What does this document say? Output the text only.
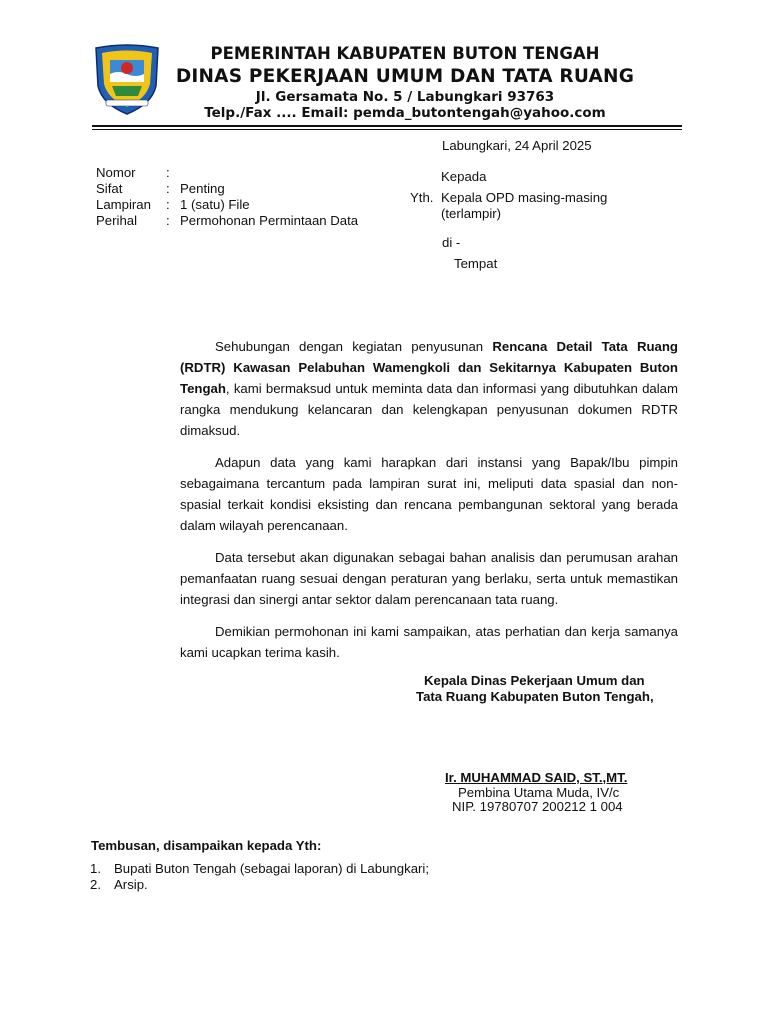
PEMERINTAH KABUPATEN BUTON TENGAH
DINAS PEKERJAAN UMUM DAN TATA RUANG
Jl. Gersamata No. 5 / Labungkari 93763
Telp./Fax .... Email: pemda_butontengah@yahoo.com
Labungkari, 24 April 2025
Nomor :
Sifat	: Penting
Lampiran : 1 (satu) File
Perihal : Permohonan Permintaan Data
Kepada
Yth. Kepala OPD masing-masing
(terlampir)
di -
Tempat

Sehubungan dengan kegiatan penyusunan Rencana Detail Tata Ruang (RDTR) Kawasan Pelabuhan Wamengkoli dan Sekitarnya Kabupaten Buton Tengah, kami bermaksud untuk meminta data dan informasi yang dibutuhkan dalam rangka mendukung kelancaran dan kelengkapan penyusunan dokumen RDTR dimaksud.

Adapun data yang kami harapkan dari instansi yang Bapak/Ibu pimpin sebagaimana tercantum pada lampiran surat ini, meliputi data spasial dan non-spasial terkait kondisi eksisting dan rencana pembangunan sektoral yang berada dalam wilayah perencanaan.

Data tersebut akan digunakan sebagai bahan analisis dan perumusan arahan pemanfaatan ruang sesuai dengan peraturan yang berlaku, serta untuk memastikan integrasi dan sinergi antar sektor dalam perencanaan tata ruang.

Demikian permohonan ini kami sampaikan, atas perhatian dan kerja samanya kami ucapkan terima kasih.

Kepala Dinas Pekerjaan Umum dan
Tata Ruang Kabupaten Buton Tengah,
Ir. MUHAMMAD SAID, ST.,MT.
Pembina Utama Muda, IV/c
NIP. 19780707 200212 1 004
Tembusan, disampaikan kepada Yth:
1. Bupati Buton Tengah (sebagai laporan) di Labungkari;
2. Arsip.
